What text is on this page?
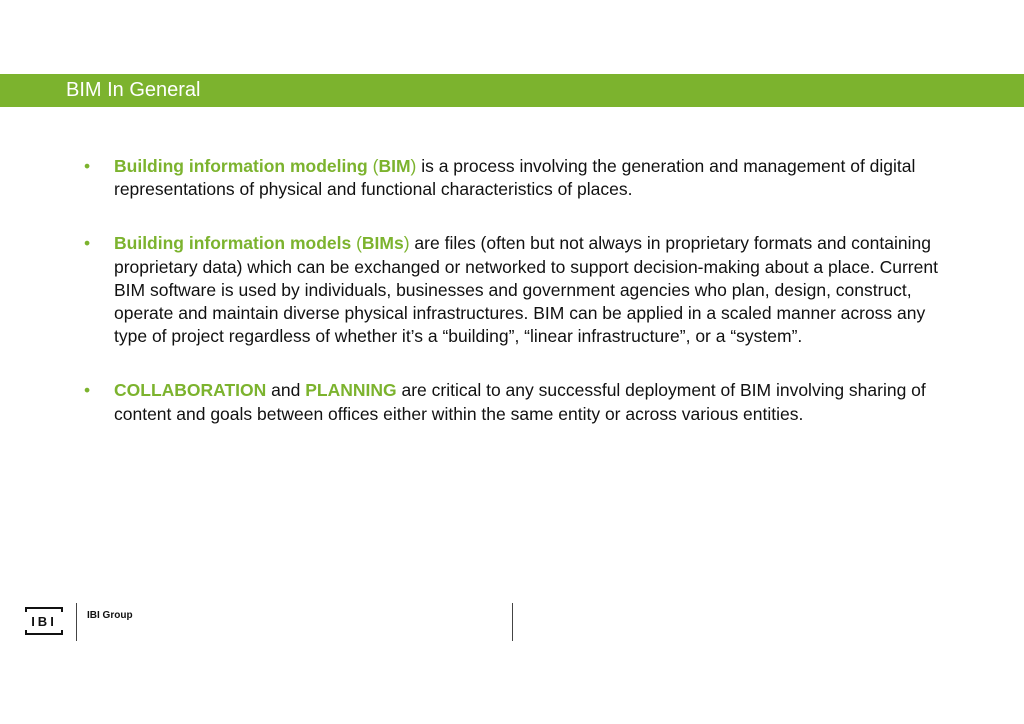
BIM In General
• Building information modeling (BIM) is a process involving the generation and management of digital representations of physical and functional characteristics of places.
• Building information models (BIMs) are files (often but not always in proprietary formats and containing proprietary data) which can be exchanged or networked to support decision-making about a place. Current BIM software is used by individuals, businesses and government agencies who plan, design, construct, operate and maintain diverse physical infrastructures. BIM can be applied in a scaled manner across any type of project regardless of whether it’s a “building”, “linear infrastructure”, or a “system”.
• COLLABORATION and PLANNING are critical to any successful deployment of BIM involving sharing of content and goals between offices either within the same entity or across various entities.
IBI	IBI Group
